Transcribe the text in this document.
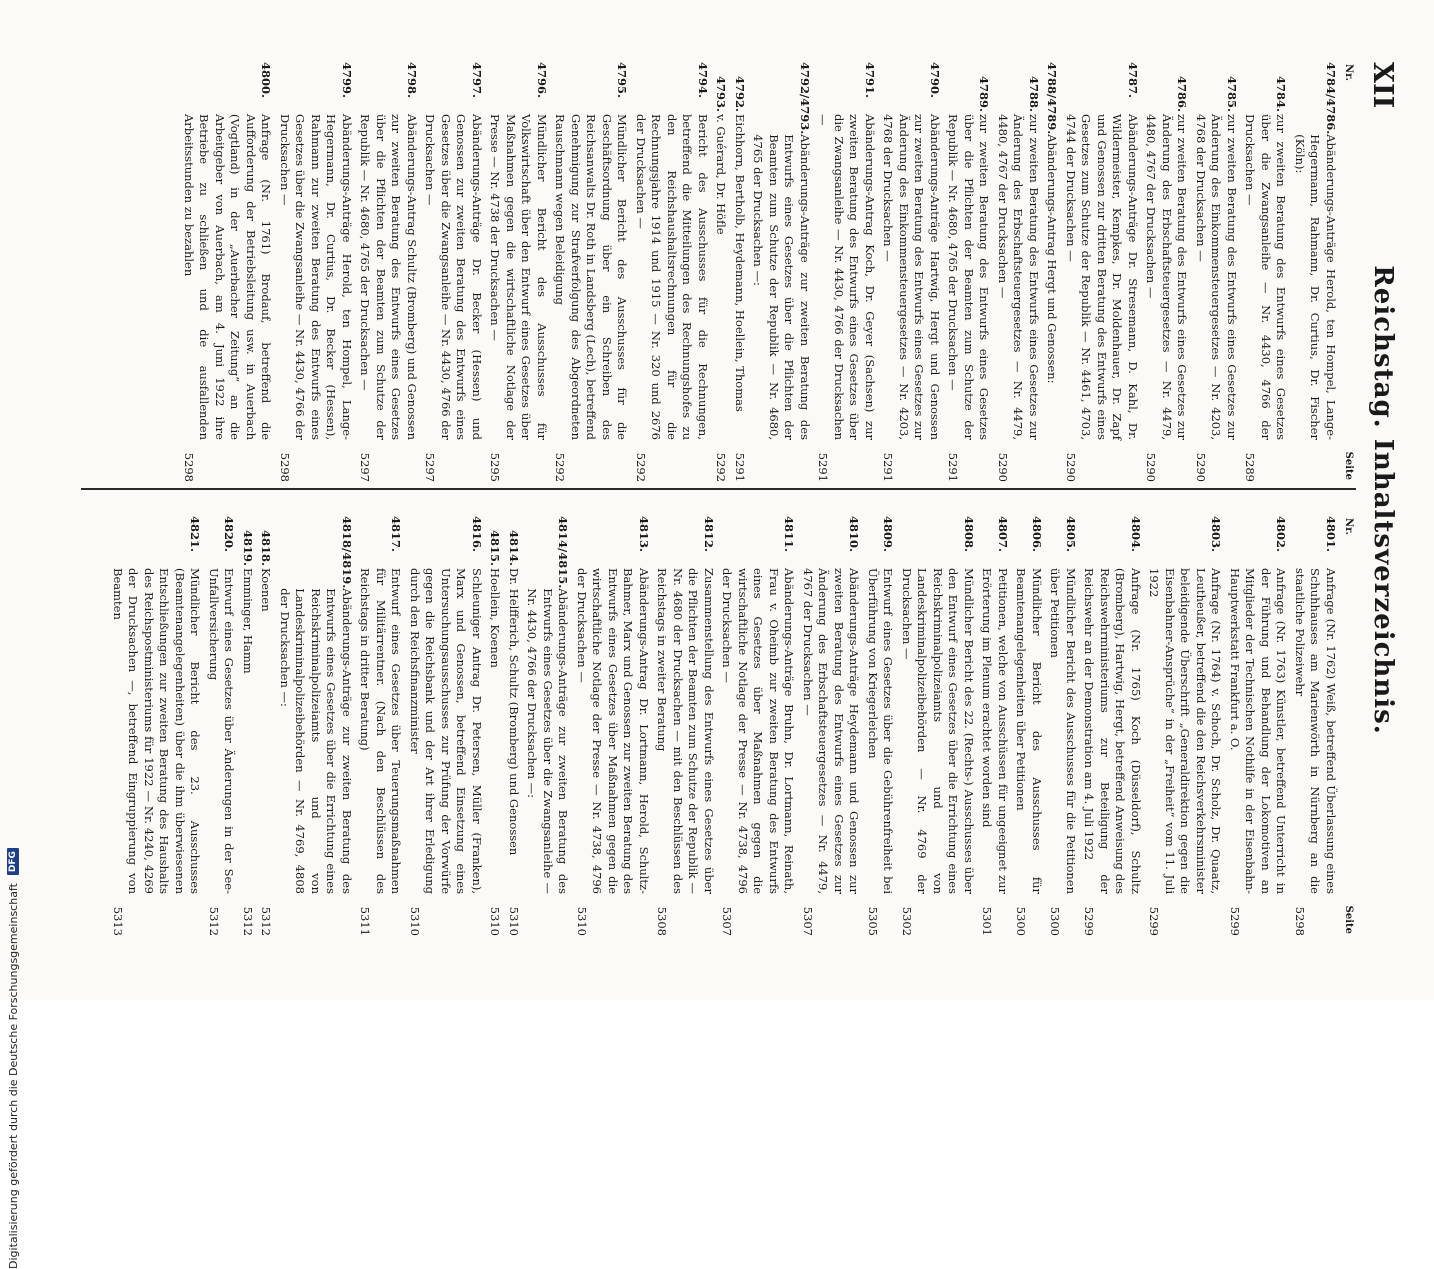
XII
Reichstag. Inhaltsverzeichnis.
Nr.
Seite
4784/4786.
Abänderungs-Anträge Herold, ten Hompel, Lange-Hegermann, Rahmann, Dr. Curtius, Dr. Fischer (Köln):
4784.
zur zweiten Beratung des Entwurfs eines Gesetzes über die Zwangsanleihe — Nr. 4430, 4766 der Drucksachen —
5289
4785.
zur zweiten Beratung des Entwurfs eines Gesetzes zur Änderung des Einkommensteuergesetzes — Nr. 4203, 4768 der Drucksachen —
5290
4786.
zur zweiten Beratung des Entwurfs eines Gesetzes zur Änderung des Erbschaftsteuergesetzes — Nr. 4479, 4480, 4767 der Drucksachen —
5290
4787.
Abänderungs-Anträge Dr. Stresemann, D. Kahl, Dr. Wildermeister, Kempkes, Dr. Moldenhauer, Dr. Zapf und Genossen zur dritten Beratung des Entwurfs eines Gesetzes zum Schutze der Republik — Nr. 4461, 4703, 4744 der Drucksachen —
5290
4788/4789.
Abänderungs-Antrag Hergt und Genossen:
4788.
zur zweiten Beratung des Entwurfs eines Gesetzes zur Änderung des Erbschaftsteuergesetzes — Nr. 4479, 4480, 4767 der Drucksachen —
5290
4789.
zur zweiten Beratung des Entwurfs eines Gesetzes über die Pflichten der Beamten zum Schutze der Republik — Nr. 4680, 4765 der Drucksachen —
5291
4790.
Abänderungs-Anträge Hartwig, Hergt und Genossen zur zweiten Beratung des Entwurfs eines Gesetzes zur Änderung des Einkommensteuergesetzes — Nr. 4203, 4768 der Drucksachen —
5291
4791.
Abänderungs-Antrag Koch, Dr. Geyer (Sachsen) zur zweiten Beratung des Entwurfs eines Gesetzes über die Zwangsanleihe — Nr. 4430, 4766 der Drucksachen —
5291
4792/4793.
Abänderungs-Anträge zur zweiten Beratung des Entwurfs eines Gesetzes über die Pflichten der Beamten zum Schutze der Republik — Nr. 4680, 4765 der Drucksachen —:
4792.
Eichhorn, Bertholb, Heydemann, Hoellein, Thomas
5291
4793.
v. Guérard, Dr. Höfle
5292
4794.
Bericht des Ausschusses für die Rechnungen, betreffend die Mitteilungen des Rechnungshofes zu den Reichshaushaltsrechnungen für die Rechnungsjahre 1914 und 1915 — Nr. 320 und 2676 der Drucksachen —
5292
4795.
Mündlicher Bericht des Ausschusses für die Geschäftsordnung über ein Schreiben des Reichsanwalts Dr. Roth in Landsberg (Lech), betreffend Genehmigung zur Strafverfolgung des Abgeordneten Rauschmann wegen Beleidigung
5292
4796.
Mündlicher Bericht des Ausschusses für Volkswirtschaft über den Entwurf eines Gesetzes über Maßnahmen gegen die wirtschaftliche Notlage der Presse — Nr. 4738 der Drucksachen —
5295
4797.
Abänderungs-Anträge Dr. Becker (Hessen) und Genossen zur zweiten Beratung des Entwurfs eines Gesetzes über die Zwangsanleihe — Nr. 4430, 4766 der Drucksachen —
5297
4798.
Abänderungs-Antrag Schultz (Bromberg) und Genossen zur zweiten Beratung des Entwurfs eines Gesetzes über die Pflichten der Beamten zum Schutze der Republik — Nr. 4680, 4765 der Drucksachen —
5297
4799.
Abänderungs-Anträge Herold, ten Hompel, Lange-Hegermann, Dr. Curtius, Dr. Becker (Hessen), Rahmann zur zweiten Beratung des Entwurfs eines Gesetzes über die Zwangsanleihe — Nr. 4430, 4766 der Drucksachen —
5298
4800.
Anfrage (Nr. 1761) Brodauf, betreffend die Aufforderung der Betriebsleitung usw. in Auerbach (Vogtland) in der „Auerbacher Zeitung“ an die Arbeitgeber von Auerbach, am 4. Juni 1922 ihre Betriebe zu schließen und die ausfallenden Arbeitsstunden zu bezahlen
5298
Nr.
Seite
4801.
Anfrage (Nr. 1762) Weiß, betreffend Überlassung eines Schuhhauses am Marienwörth in Nürnberg an die staatliche Polizeiwehr
5298
4802.
Anfrage (Nr. 1763) Künstler, betreffend Unterricht in der Führung und Behandlung der Lokomotiven an Mitglieder der Technischen Nothilfe in der Eisenbahn-Hauptwerkstatt Frankfurt a. O.
5299
4803.
Anfrage (Nr. 1764) v. Schoch, Dr. Scholz, Dr. Quaatz, Leutheußer, betreffend die den Reichsverkehrsminister beleidigende Überschrift „Generaldirektion gegen die Eisenbahner-Ansprüche“ in der „Freiheit“ vom 11. Juli 1922
5299
4804.
Anfrage (Nr. 1765) Koch (Düsseldorf), Schultz (Bromberg), Hartwig, Hergt, betreffend Anweisung des Reichswehrministeriums zur Beteiligung der Reichswehr an der Demonstration am 4. Juli 1922
5299
4805.
Mündlicher Bericht des Ausschusses für die Petitionen über Petitionen
5300
4806.
Mündlicher Bericht des Ausschusses für Beamtenangelegenheiten über Petitionen
5300
4807.
Petitionen, welche von Ausschüssen für ungeeignet zur Erörterung im Plenum erachtet worden sind
5301
4808.
Mündlicher Bericht des 22. (Rechts-) Ausschusses über den Entwurf eines Gesetzes über die Errichtung eines Reichskriminalpolizeiamts und von Landeskriminalpolizeibehörden — Nr. 4769 der Drucksachen —
5302
4809.
Entwurf eines Gesetzes über die Gebührenfreiheit bei Überführung von Kriegerleichen
5305
4810.
Abänderungs-Anträge Heydemann und Genossen zur zweiten Beratung des Entwurfs eines Gesetzes zur Änderung des Erbschaftsteuergesetzes — Nr. 4479, 4767 der Drucksachen —
5307
4811.
Abänderungs-Anträge Bruhn, Dr. Lortmann, Reinath, Frau v. Oheimb zur zweiten Beratung des Entwurfs eines Gesetzes über Maßnahmen gegen die wirtschaftliche Notlage der Presse — Nr. 4738, 4796 der Drucksachen —
5307
4812.
Zusammenstellung des Entwurfs eines Gesetzes über die Pflichten der Beamten zum Schutze der Republik — Nr. 4680 der Drucksachen — mit den Beschlüssen des Reichstags in zweiter Beratung
5308
4813.
Abänderungs-Antrag Dr. Lortmann, Herold, Schultz-Bahmer, Marx und Genossen zur zweiten Beratung des Entwurfs eines Gesetzes über Maßnahmen gegen die wirtschaftliche Notlage der Presse — Nr. 4738, 4796 der Drucksachen —
5310
4814/4815.
Abänderungs-Anträge zur zweiten Beratung des Entwurfs eines Gesetzes über die Zwangsanleihe — Nr. 4430, 4766 der Drucksachen —:
4814.
Dr. Helfferich, Schultz (Bromberg) und Genossen
5310
4815.
Hoellein, Koenen
5310
4816.
Schleuniger Antrag Dr. Petersen, Müller (Franken), Marx und Genossen, betreffend Einsetzung eines Untersuchungsausschusses zur Prüfung der Vorwürfe gegen die Reichsbank und der Art ihrer Erledigung durch den Reichsfinanzminister
5310
4817.
Entwurf eines Gesetzes über Teuerungsmaßnahmen für Militärrentner. (Nach den Beschlüssen des Reichstags in dritter Beratung)
5311
4818/4819.
Abänderungs-Anträge zur zweiten Beratung des Entwurfs eines Gesetzes über die Errichtung eines Reichskriminalpolizeiamts und von Landeskriminalpolizeibehörden — Nr. 4769, 4808 der Drucksachen —:
4818.
Koenen
5312
4819.
Emminger, Hamm
5312
4820.
Entwurf eines Gesetzes über Änderungen in der See-Unfallversicherung
5312
4821.
Mündlicher Bericht des 23. Ausschusses (Beamtenangelegenheiten) über die ihm überwiesenen Entschließungen zur zweiten Beratung des Haushalts des Reichspostministeriums für 1922 — Nr. 4240, 4269 der Drucksachen —, betreffend Eingruppierung von Beamten
5313
Digitalisierung gefördert durch die Deutsche Forschungsgemeinschaft
DFG
